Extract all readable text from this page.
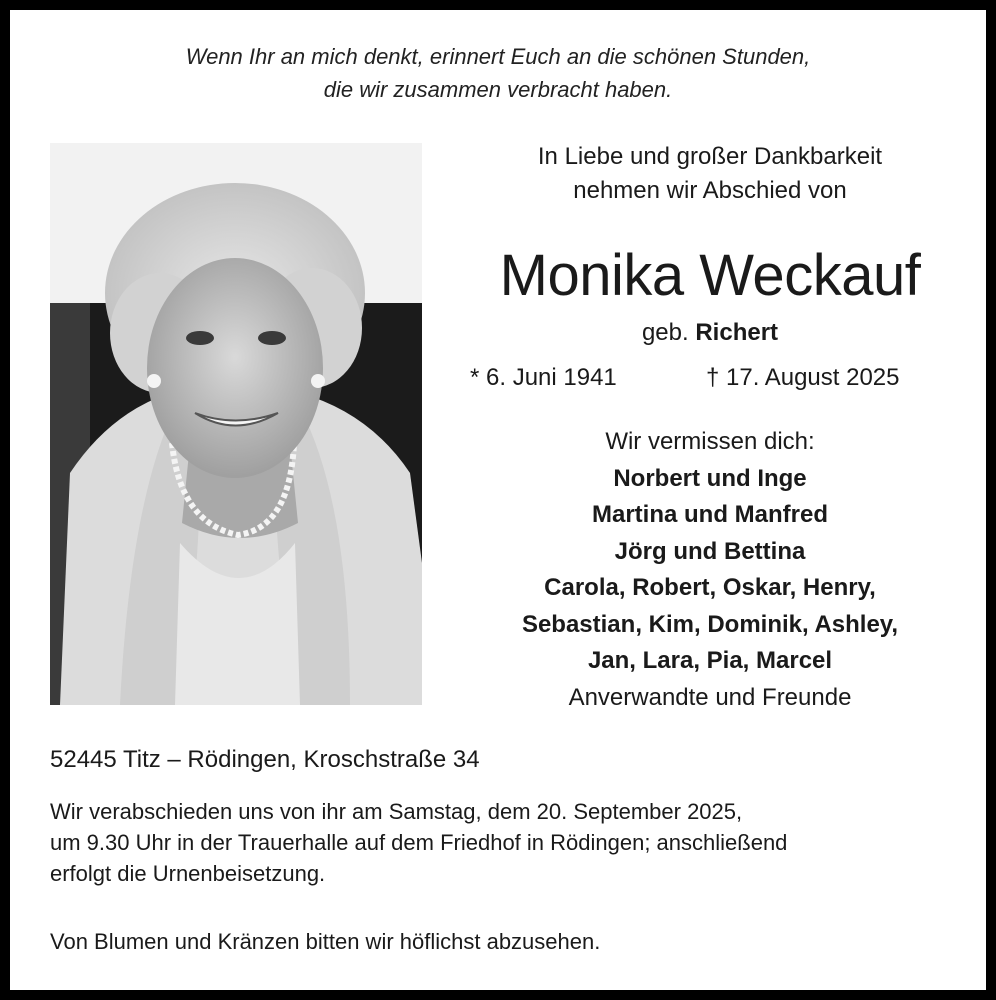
Wenn Ihr an mich denkt, erinnert Euch an die schönen Stunden,
die wir zusammen verbracht haben.
In Liebe und großer Dankbarkeit
nehmen wir Abschied von
Monika Weckauf
geb. Richert
* 6. Juni 1941	† 17. August 2025
Wir vermissen dich:
Norbert und Inge
Martina und Manfred
Jörg und Bettina
Carola, Robert, Oskar, Henry,
Sebastian, Kim, Dominik, Ashley,
Jan, Lara, Pia, Marcel
Anverwandte und Freunde
52445 Titz – Rödingen, Kroschstraße 34
Wir verabschieden uns von ihr am Samstag, dem 20. September 2025,
um 9.30 Uhr in der Trauerhalle auf dem Friedhof in Rödingen; anschließend
erfolgt die Urnenbeisetzung.
Von Blumen und Kränzen bitten wir höflichst abzusehen.
